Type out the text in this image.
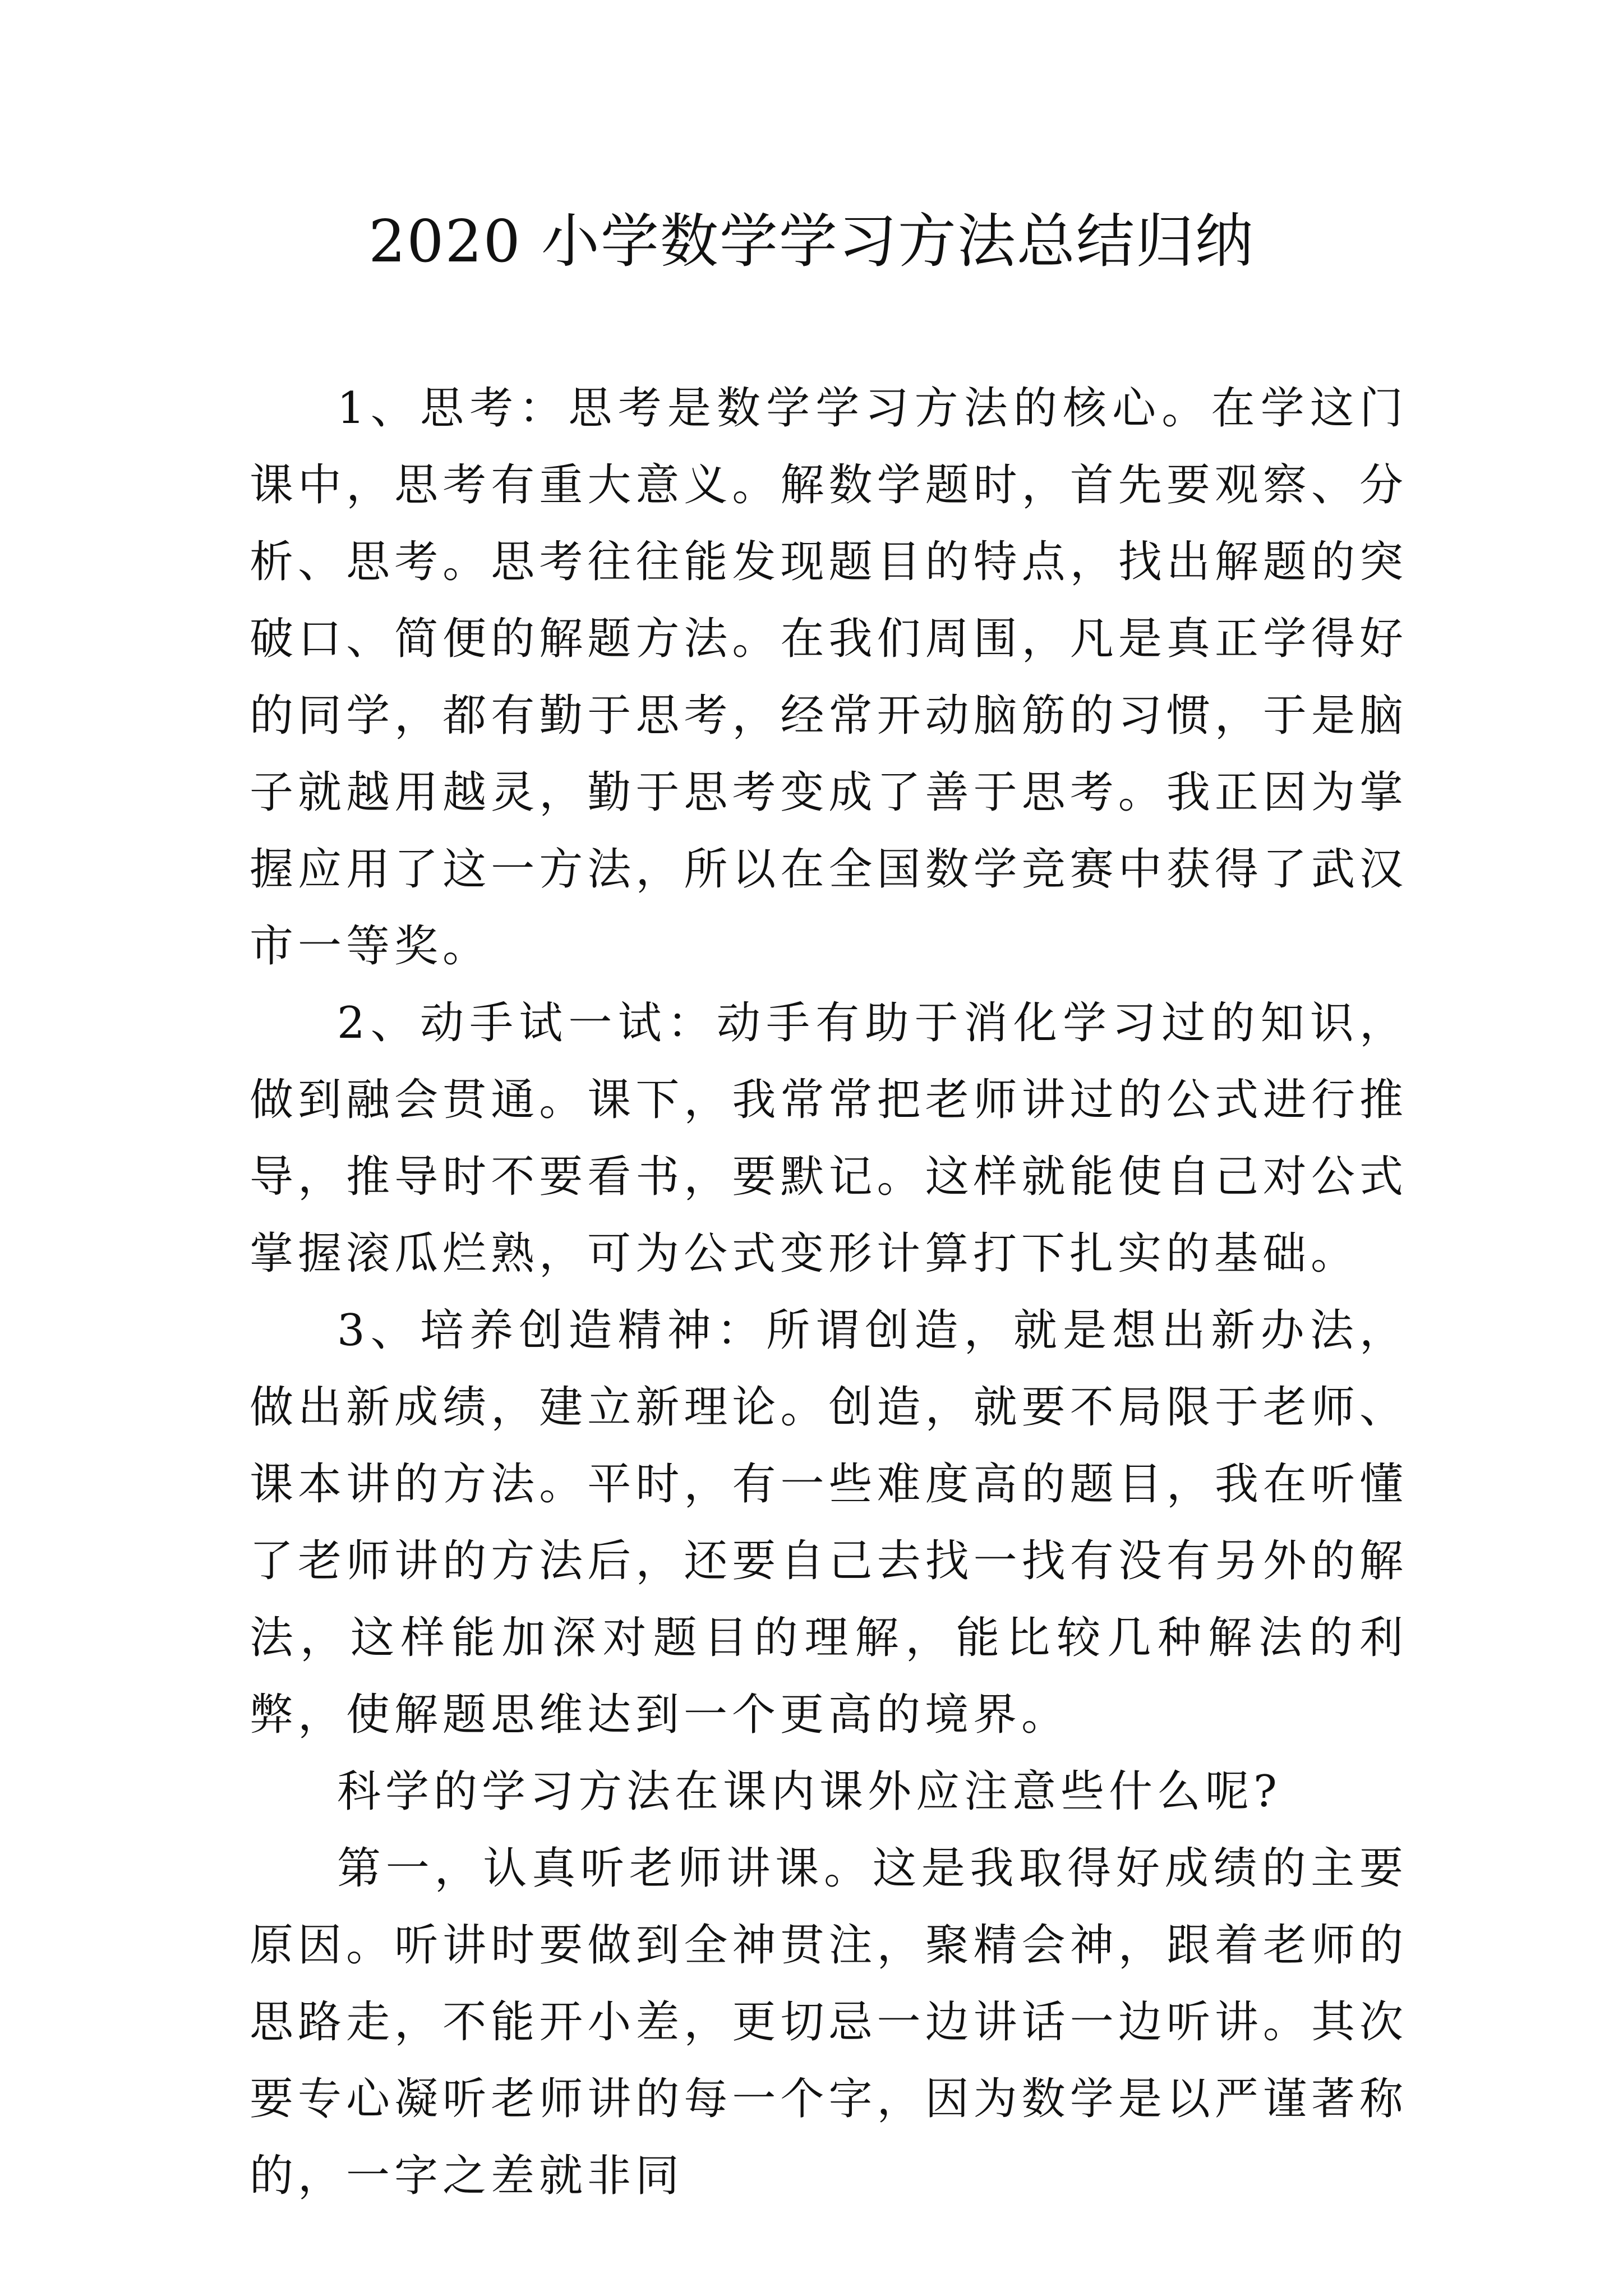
2020 小学数学学习方法总结归纳

1、思考：思考是数学学习方法的核心。在学这门课中，思考有重大意义。解数学题时，首先要观察、分析、思考。思考往往能发现题目的特点，找出解题的突破口、简便的解题方法。在我们周围，凡是真正学得好的同学，都有勤于思考，经常开动脑筋的习惯，于是脑子就越用越灵，勤于思考变成了善于思考。我正因为掌握应用了这一方法，所以在全国数学竞赛中获得了武汉市一等奖。

2、动手试一试：动手有助于消化学习过的知识，做到融会贯通。课下，我常常把老师讲过的公式进行推导，推导时不要看书，要默记。这样就能使自己对公式掌握滚瓜烂熟，可为公式变形计算打下扎实的基础。

3、培养创造精神：所谓创造，就是想出新办法，做出新成绩，建立新理论。创造，就要不局限于老师、课本讲的方法。平时，有一些难度高的题目，我在听懂了老师讲的方法后，还要自己去找一找有没有另外的解法，这样能加深对题目的理解，能比较几种解法的利弊，使解题思维达到一个更高的境界。

科学的学习方法在课内课外应注意些什么呢?

第一，认真听老师讲课。这是我取得好成绩的主要原因。听讲时要做到全神贯注，聚精会神，跟着老师的思路走，不能开小差，更切忌一边讲话一边听讲。其次要专心凝听老师讲的每一个字，因为数学是以严谨著称的，一字之差就非同
